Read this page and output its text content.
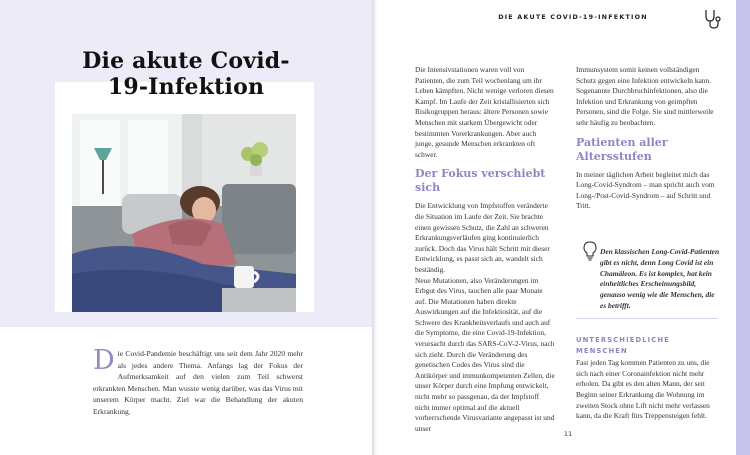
Die akute Covid-19-Infektion
Die Covid-Pandemie beschäftigt uns seit dem Jahr 2020 mehr als jedes andere Thema. Anfangs lag der Fokus der Aufmerksamkeit auf den vielen zum Teil schwerst erkrankten Menschen. Man wusste wenig darüber, was das Virus mit unserem Körper macht. Ziel war die Behandlung der akuten Erkrankung.
DIE AKUTE COVID-19-INFEKTION

Die Intensivstationen waren voll von Patienten, die zum Teil wochenlang um ihr Leben kämpften. Nicht wenige verloren diesen Kampf. Im Laufe der Zeit kristallisierten sich Risikogruppen heraus: ältere Personen sowie Menschen mit starkem Übergewicht oder bestimmten Vorerkrankungen. Aber auch junge, gesunde Menschen erkrankten oft schwer.

Der Fokus verschiebt sich

Die Entwicklung von Impfstoffen veränderte die Situation im Laufe der Zeit. Sie brachte einen gewissen Schutz, die Zahl an schweren Erkrankungsverläufen ging kontinuierlich zurück. Doch das Virus hält Schritt mit dieser Entwicklung, es passt sich an, wandelt sich beständig.

Neue Mutationen, also Veränderungen im Erbgut des Virus, tauchen alle paar Monate auf. Die Mutationen haben direkte Auswirkungen auf die Infektiosität, auf die Schwere des Krankheitsverlaufs und auch auf die Symptome, die eine Covid-19-Infektion, verursacht durch das SARS-CoV-2-Virus, nach sich zieht. Durch die Veränderung des genetischen Codes des Virus sind die Antikörper und immunkompetenten Zellen, die unser Körper durch eine Impfung entwickelt, nicht mehr so passgenau, da der Impfstoff nicht immer optimal auf die aktuell vorherrschende Virusvariante angepasst ist und unser

Immunsystem somit keinen vollständigen Schutz gegen eine Infektion entwickeln kann. Sogenannte Durchbruchinfektionen, also die Infektion und Erkrankung von geimpften Personen, sind die Folge. Sie sind mittlerweile sehr häufig zu beobachten.

Patienten aller Altersstufen

In meiner täglichen Arbeit begleitet mich das Long-Covid-Syndrom – man spricht auch vom Long-/Post-Covid-Syndrom – auf Schritt und Tritt.

Den klassischen Long-Covid-Patienten gibt es nicht, denn Long Covid ist ein Chamäleon. Es ist komplex, hat kein einheitliches Erscheinungsbild, genauso wenig wie die Menschen, die es betrifft.
UNTERSCHIEDLICHE MENSCHEN

Fast jeden Tag kommen Patienten zu uns, die sich nach einer Coronainfektion nicht mehr erholen. Da gibt es den alten Mann, der seit Beginn seiner Erkrankung die Wohnung im zweiten Stock ohne Lift nicht mehr verlassen kann, da die Kraft fürs Treppensteigen fehlt.

11
